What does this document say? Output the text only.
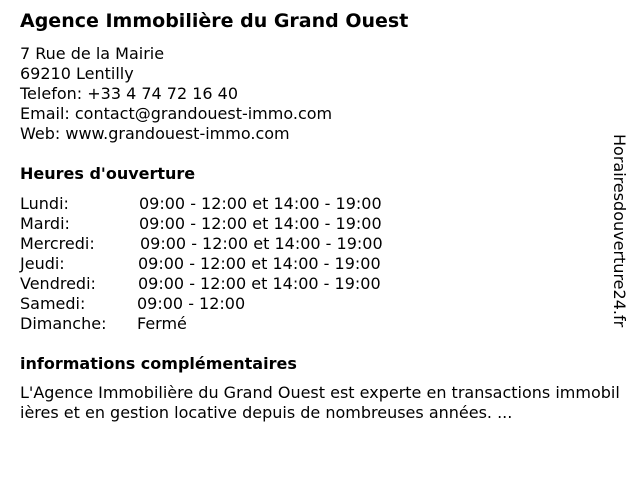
Agence Immobilière du Grand Ouest
7 Rue de la Mairie
69210 Lentilly
Telefon: +33 4 74 72 16 40
Email: contact@grandouest-immo.com
Web: www.grandouest-immo.com
Heures d'ouverture
Lundi:	09:00 - 12:00 et 14:00 - 19:00
Mardi:	09:00 - 12:00 et 14:00 - 19:00
Mercredi:	09:00 - 12:00 et 14:00 - 19:00
Jeudi:	09:00 - 12:00 et 14:00 - 19:00
Vendredi:	09:00 - 12:00 et 14:00 - 19:00
Samedi:	09:00 - 12:00
Dimanche: Fermé
informations complémentaires
L'Agence Immobilière du Grand Ouest est experte en transactions immobilières et en gestion locative depuis de nombreuses années. ...
Horairesdouverture24.fr
